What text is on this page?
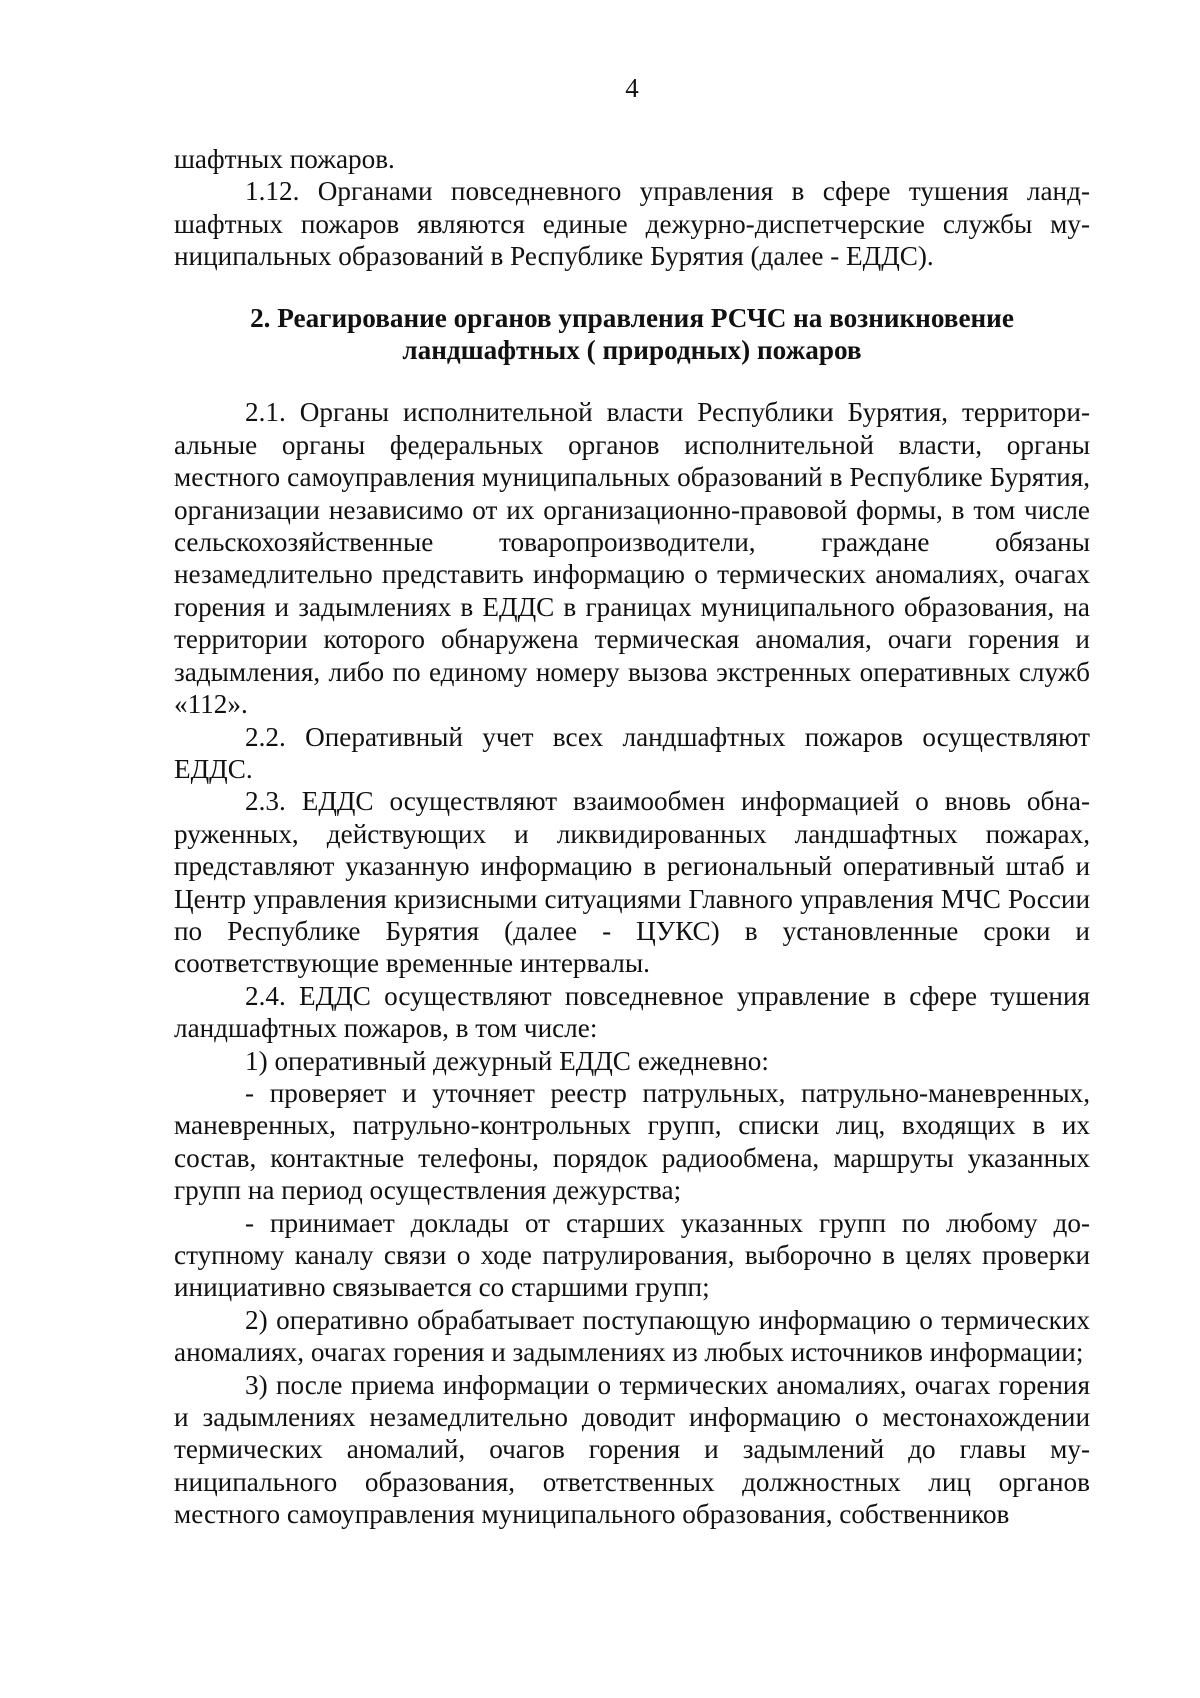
4

шафтных пожаров.

1.12. Органами повседневного управления в сфере тушения ландшафтных пожаров являются единые дежурно-диспетчерские службы муниципальных образований в Республике Бурятия (далее - ЕДДС).

2. Реагирование органов управления РСЧС на возникновение
ландшафтных ( природных) пожаров

2.1. Органы исполнительной власти Республики Бурятия, территориальные органы федеральных органов исполнительной власти, органы местного самоуправления муниципальных образований в Республике Бурятия, организации независимо от их организационно-правовой формы, в том числе сельскохозяйственные товаропроизводители, граждане обязаны незамедлительно представить информацию о термических аномалиях, очагах горения и задымлениях в ЕДДС в границах муниципального образования, на территории которого обнаружена термическая аномалия, очаги горения и задымления, либо по единому номеру вызова экстренных оперативных служб «112».

2.2. Оперативный учет всех ландшафтных пожаров осуществляют ЕДДС.

2.3. ЕДДС осуществляют взаимообмен информацией о вновь обнаруженных, действующих и ликвидированных ландшафтных пожарах, представляют указанную информацию в региональный оперативный штаб и Центр управления кризисными ситуациями Главного управления МЧС России по Республике Бурятия (далее - ЦУКС) в установленные сроки и соответствующие временные интервалы.

2.4. ЕДДС осуществляют повседневное управление в сфере тушения ландшафтных пожаров, в том числе:

1) оперативный дежурный ЕДДС ежедневно:

- проверяет и уточняет реестр патрульных, патрульно-маневренных, маневренных, патрульно-контрольных групп, списки лиц, входящих в их состав, контактные телефоны, порядок радиообмена, маршруты указанных групп на период осуществления дежурства;

- принимает доклады от старших указанных групп по любому доступному каналу связи о ходе патрулирования, выборочно в целях проверки инициативно связывается со старшими групп;

2) оперативно обрабатывает поступающую информацию о термических аномалиях, очагах горения и задымлениях из любых источников информации;

3) после приема информации о термических аномалиях, очагах горения и задымлениях незамедлительно доводит информацию о местонахождении термических аномалий, очагов горения и задымлений до главы муниципального образования, ответственных должностных лиц органов местного самоуправления муниципального образования, собственников
